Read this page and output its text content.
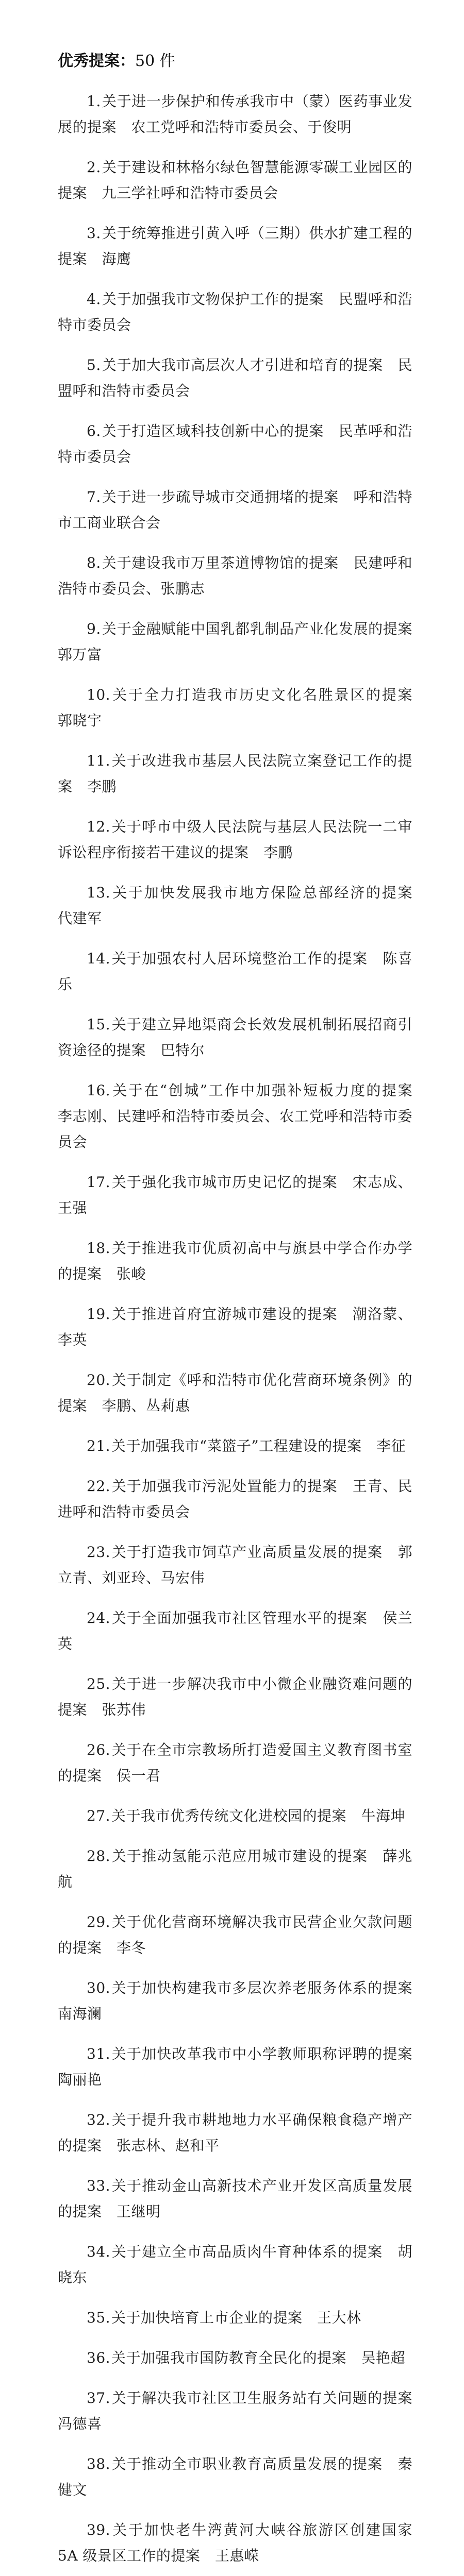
优秀提案：50 件
1.关于进一步保护和传承我市中（蒙）医药事业发展的提案　农工党呼和浩特市委员会、于俊明
2.关于建设和林格尔绿色智慧能源零碳工业园区的提案　九三学社呼和浩特市委员会
3.关于统筹推进引黄入呼（三期）供水扩建工程的提案　海鹰
4.关于加强我市文物保护工作的提案　民盟呼和浩特市委员会
5.关于加大我市高层次人才引进和培育的提案　民盟呼和浩特市委员会
6.关于打造区域科技创新中心的提案　民革呼和浩特市委员会
7.关于进一步疏导城市交通拥堵的提案　呼和浩特市工商业联合会
8.关于建设我市万里茶道博物馆的提案　民建呼和浩特市委员会、张鹏志
9.关于金融赋能中国乳都乳制品产业化发展的提案　郭万富
10.关于全力打造我市历史文化名胜景区的提案　郭晓宇
11.关于改进我市基层人民法院立案登记工作的提案　李鹏
12.关于呼市中级人民法院与基层人民法院一二审诉讼程序衔接若干建议的提案　李鹏
13.关于加快发展我市地方保险总部经济的提案　代建军
14.关于加强农村人居环境整治工作的提案　陈喜乐
15.关于建立异地渠商会长效发展机制拓展招商引资途径的提案　巴特尔
16.关于在“创城”工作中加强补短板力度的提案　李志刚、民建呼和浩特市委员会、农工党呼和浩特市委员会
17.关于强化我市城市历史记忆的提案　宋志成、王强
18.关于推进我市优质初高中与旗县中学合作办学的提案　张峻
19.关于推进首府宜游城市建设的提案　潮洛蒙、李英
20.关于制定《呼和浩特市优化营商环境条例》的提案　李鹏、丛莉惠
21.关于加强我市“菜篮子”工程建设的提案　李征
22.关于加强我市污泥处置能力的提案　王青、民进呼和浩特市委员会
23.关于打造我市饲草产业高质量发展的提案　郭立青、刘亚玲、马宏伟
24.关于全面加强我市社区管理水平的提案　侯兰英
25.关于进一步解决我市中小微企业融资难问题的提案　张苏伟
26.关于在全市宗教场所打造爱国主义教育图书室的提案　侯一君
27.关于我市优秀传统文化进校园的提案　牛海坤
28.关于推动氢能示范应用城市建设的提案　薛兆航
29.关于优化营商环境解决我市民营企业欠款问题的提案　李冬
30.关于加快构建我市多层次养老服务体系的提案　南海澜
31.关于加快改革我市中小学教师职称评聘的提案　陶丽艳
32.关于提升我市耕地地力水平确保粮食稳产增产的提案　张志林、赵和平
33.关于推动金山高新技术产业开发区高质量发展的提案　王继明
34.关于建立全市高品质肉牛育种体系的提案　胡晓东
35.关于加快培育上市企业的提案　王大林
36.关于加强我市国防教育全民化的提案　吴艳超
37.关于解决我市社区卫生服务站有关问题的提案　冯德喜
38.关于推动全市职业教育高质量发展的提案　秦健文
39.关于加快老牛湾黄河大峡谷旅游区创建国家 5A 级景区工作的提案　王惠嵘
